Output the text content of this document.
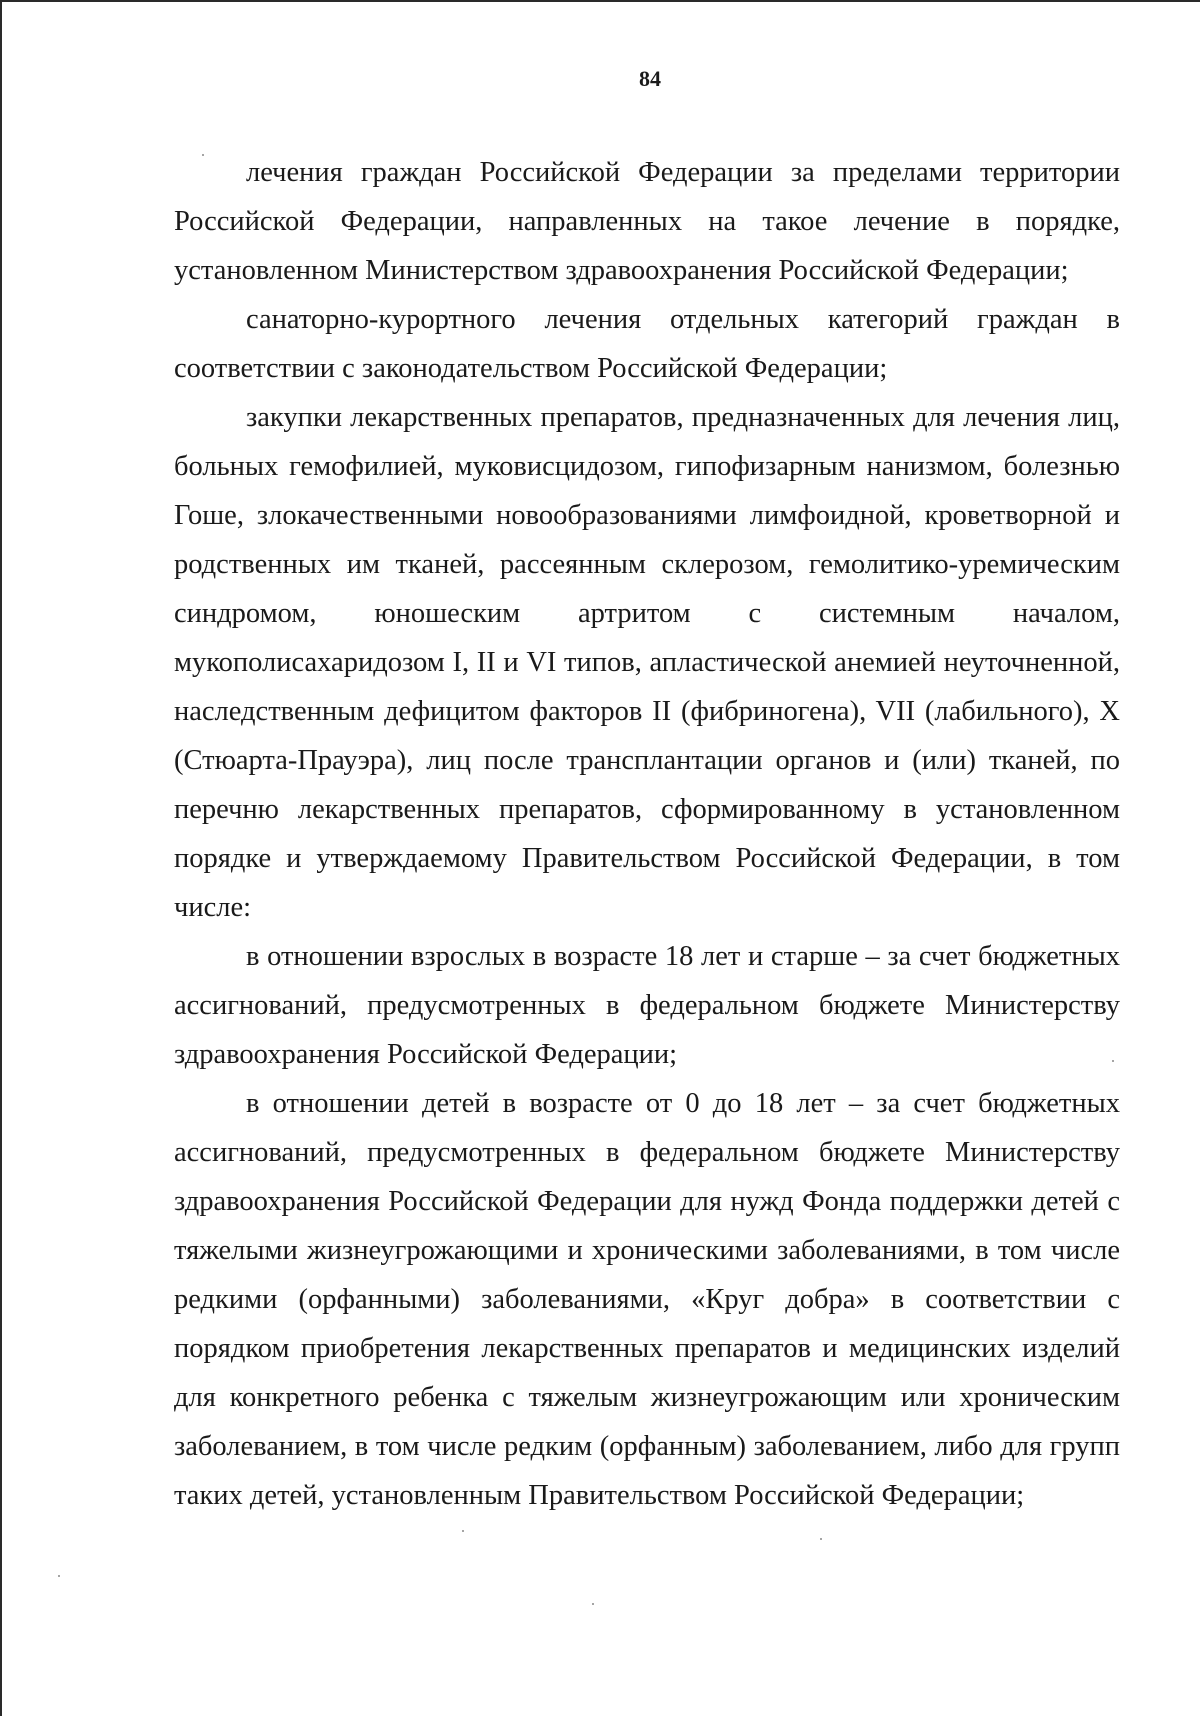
84

лечения граждан Российской Федерации за пределами территории Российской Федерации, направленных на такое лечение в порядке, установленном Министерством здравоохранения Российской Федерации;

санаторно-курортного лечения отдельных категорий граждан в соответствии с законодательством Российской Федерации;

закупки лекарственных препаратов, предназначенных для лечения лиц, больных гемофилией, муковисцидозом, гипофизарным нанизмом, болезнью Гоше, злокачественными новообразованиями лимфоидной, кроветворной и родственных им тканей, рассеянным склерозом, гемолитико-уремическим синдромом, юношеским артритом с системным началом, мукополисахаридозом I, II и VI типов, апластической анемией неуточненной, наследственным дефицитом факторов II (фибриногена), VII (лабильного), X (Стюарта-Прауэра), лиц после трансплантации органов и (или) тканей, по перечню лекарственных препаратов, сформированному в установленном порядке и утверждаемому Правительством Российской Федерации, в том числе:

в отношении взрослых в возрасте 18 лет и старше – за счет бюджетных ассигнований, предусмотренных в федеральном бюджете Министерству здравоохранения Российской Федерации;

в отношении детей в возрасте от 0 до 18 лет – за счет бюджетных ассигнований, предусмотренных в федеральном бюджете Министерству здравоохранения Российской Федерации для нужд Фонда поддержки детей с тяжелыми жизнеугрожающими и хроническими заболеваниями, в том числе редкими (орфанными) заболеваниями, «Круг добра» в соответствии с порядком приобретения лекарственных препаратов и медицинских изделий для конкретного ребенка с тяжелым жизнеугрожающим или хроническим заболеванием, в том числе редким (орфанным) заболеванием, либо для групп таких детей, установленным Правительством Российской Федерации;
